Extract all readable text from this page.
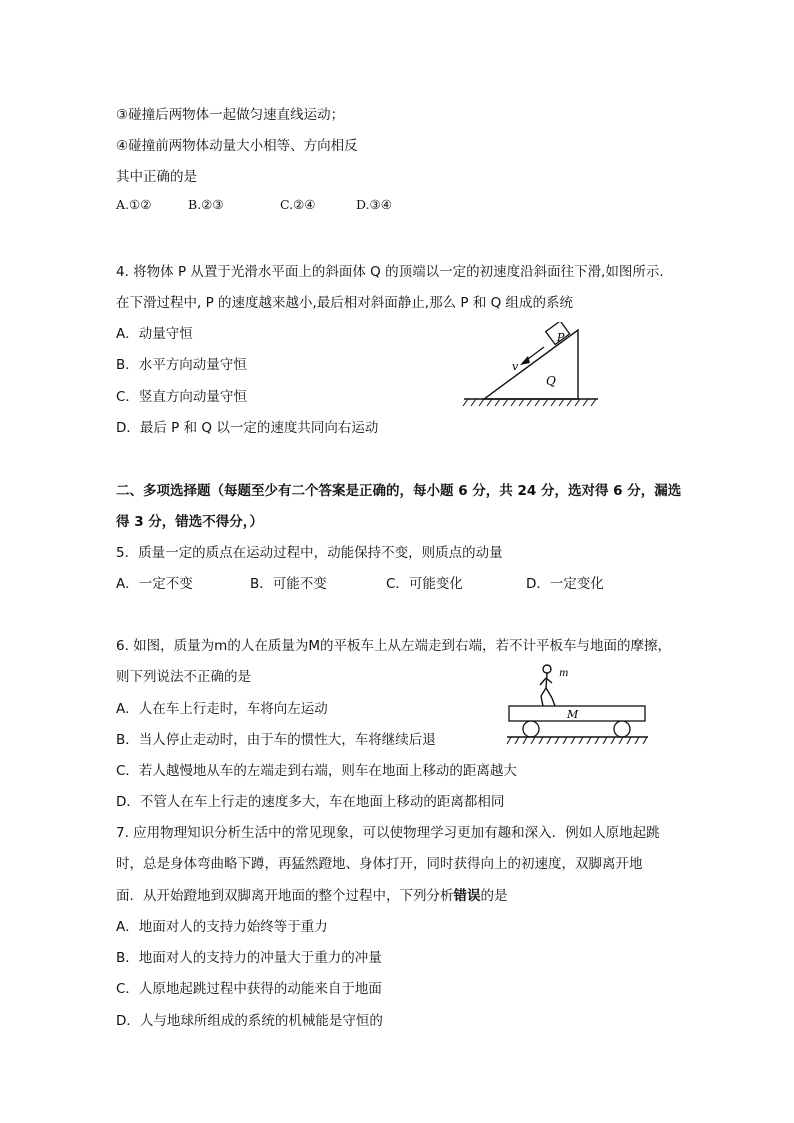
③碰撞后两物体一起做匀速直线运动；
④碰撞前两物体动量大小相等、方向相反
其中正确的是
A.①②	B.②③	C.②④	D.③④
4. 将物体 P 从置于光滑水平面上的斜面体 Q 的顶端以一定的初速度沿斜面往下滑,如图所示.
在下滑过程中, P 的速度越来越小,最后相对斜面静止,那么 P 和 Q 组成的系统
A．动量守恒
B．水平方向动量守恒
C．竖直方向动量守恒
D．最后 P 和 Q 以一定的速度共同向右运动
P
v
Q
二、多项选择题（每题至少有二个答案是正确的，每小题 6 分，共 24 分，选对得 6 分，漏选
得 3 分，错选不得分，）
5．质量一定的质点在运动过程中，动能保持不变，则质点的动量
A．一定不变	B．可能不变	C．可能变化	D．一定变化
6. 如图，质量为m的人在质量为M的平板车上从左端走到右端，若不计平板车与地面的摩擦，
则下列说法不正确的是
A．人在车上行走时，车将向左运动
B．当人停止走动时，由于车的惯性大，车将继续后退
C．若人越慢地从车的左端走到右端，则车在地面上移动的距离越大
D．不管人在车上行走的速度多大，车在地面上移动的距离都相同
m
M
7. 应用物理知识分析生活中的常见现象，可以使物理学习更加有趣和深入．例如人原地起跳
时，总是身体弯曲略下蹲，再猛然蹬地、身体打开，同时获得向上的初速度，双脚离开地
面．从开始蹬地到双脚离开地面的整个过程中，下列分析错误的是
A．地面对人的支持力始终等于重力
B．地面对人的支持力的冲量大于重力的冲量
C．人原地起跳过程中获得的动能来自于地面
D．人与地球所组成的系统的机械能是守恒的
